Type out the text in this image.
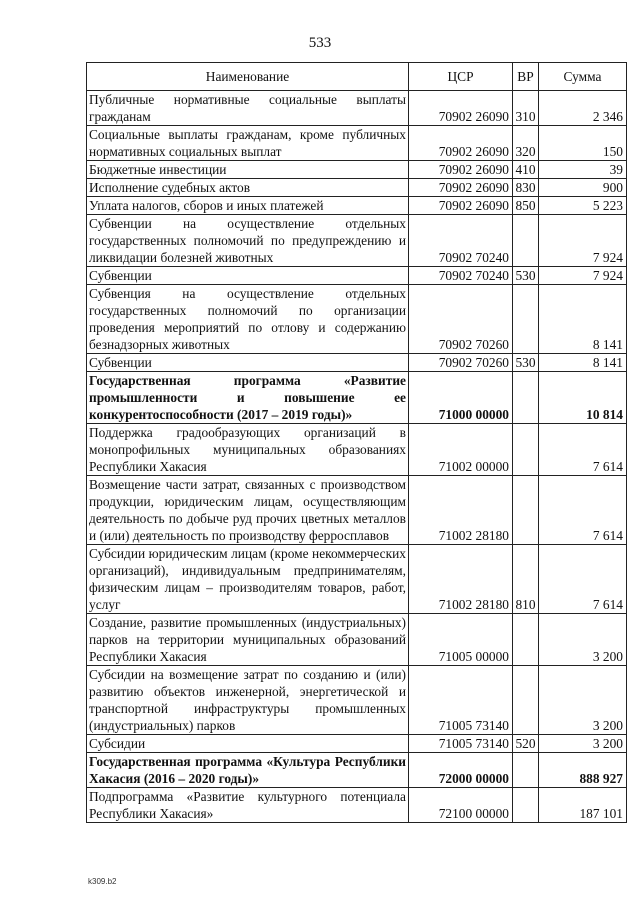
533
Наименование	ЦСР	ВР	Сумма
Публичные нормативные социальные выплаты гражданам	70902 26090	310	2 346
Социальные выплаты гражданам, кроме публичных нормативных социальных выплат	70902 26090	320	150
Бюджетные инвестиции	70902 26090	410	39
Исполнение судебных актов	70902 26090	830	900
Уплата налогов, сборов и иных платежей	70902 26090	850	5 223
Субвенции на осуществление отдельных государственных полномочий по предупреждению и ликвидации болезней животных	70902 70240		7 924
Субвенции	70902 70240	530	7 924
Субвенция на осуществление отдельных государственных полномочий по организации проведения мероприятий по отлову и содержанию безнадзорных животных	70902 70260		8 141
Субвенции	70902 70260	530	8 141
Государственная программа «Развитие промышленности и повышение ее конкурентоспособности (2017 – 2019 годы)»	71000 00000		10 814
Поддержка градообразующих организаций в монопрофильных муниципальных образованиях Республики Хакасия	71002 00000		7 614
Возмещение части затрат, связанных с производством продукции, юридическим лицам, осуществляющим деятельность по добыче руд прочих цветных металлов и (или) деятельность по производству ферросплавов	71002 28180		7 614
Субсидии юридическим лицам (кроме некоммерческих организаций), индивидуальным предпринимателям, физическим лицам – производителям товаров, работ, услуг	71002 28180	810	7 614
Создание, развитие промышленных (индустриальных) парков на территории муниципальных образований Республики Хакасия	71005 00000		3 200
Субсидии на возмещение затрат по созданию и (или) развитию объектов инженерной, энергетической и транспортной инфраструктуры промышленных (индустриальных) парков	71005 73140		3 200
Субсидии	71005 73140	520	3 200
Государственная программа «Культура Республики Хакасия (2016 – 2020 годы)»	72000 00000		888 927
Подпрограмма «Развитие культурного потенциала Республики Хакасия»	72100 00000		187 101
k309.b2
